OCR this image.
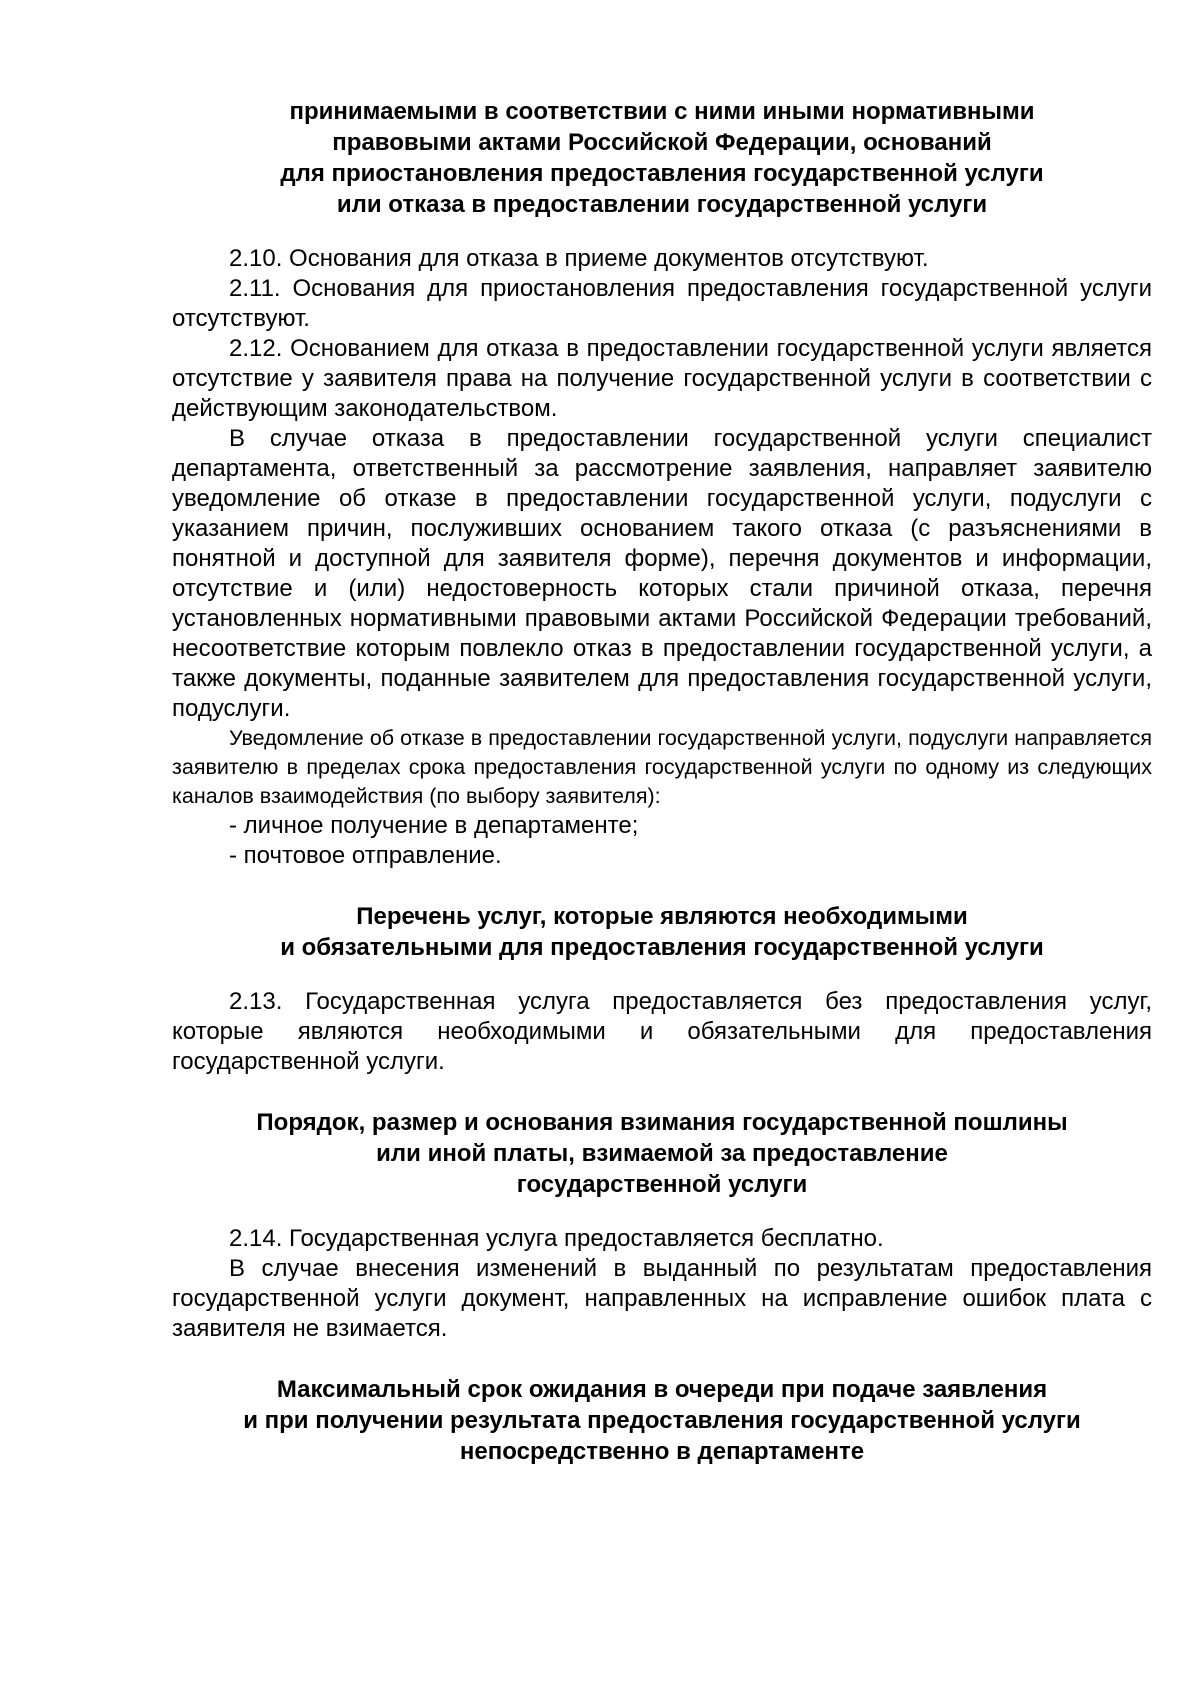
принимаемыми в соответствии с ними иными нормативными
правовыми актами Российской Федерации, оснований
для приостановления предоставления государственной услуги
или отказа в предоставлении государственной услуги

2.10. Основания для отказа в приеме документов отсутствуют.

2.11. Основания для приостановления предоставления государственной услуги отсутствуют.

2.12. Основанием для отказа в предоставлении государственной услуги является отсутствие у заявителя права на получение государственной услуги в соответствии с действующим законодательством.

В случае отказа в предоставлении государственной услуги специалист департамента, ответственный за рассмотрение заявления, направляет заявителю уведомление об отказе в предоставлении государственной услуги, подуслуги с указанием причин, послуживших основанием такого отказа (с разъяснениями в понятной и доступной для заявителя форме), перечня документов и информации, отсутствие и (или) недостоверность которых стали причиной отказа, перечня установленных нормативными правовыми актами Российской Федерации требований, несоответствие которым повлекло отказ в предоставлении государственной услуги, а также документы, поданные заявителем для предоставления государственной услуги, подуслуги.

Уведомление об отказе в предоставлении государственной услуги, подуслуги направляется заявителю в пределах срока предоставления государственной услуги по одному из следующих каналов взаимодействия (по выбору заявителя):

- личное получение в департаменте;

- почтовое отправление.

Перечень услуг, которые являются необходимыми
и обязательными для предоставления государственной услуги

2.13. Государственная услуга предоставляется без предоставления услуг, которые являются необходимыми и обязательными для предоставления государственной услуги.

Порядок, размер и основания взимания государственной пошлины
или иной платы, взимаемой за предоставление
государственной услуги

2.14. Государственная услуга предоставляется бесплатно.

В случае внесения изменений в выданный по результатам предоставления государственной услуги документ, направленных на исправление ошибок плата с заявителя не взимается.

Максимальный срок ожидания в очереди при подаче заявления
и при получении результата предоставления государственной услуги
непосредственно в департаменте
